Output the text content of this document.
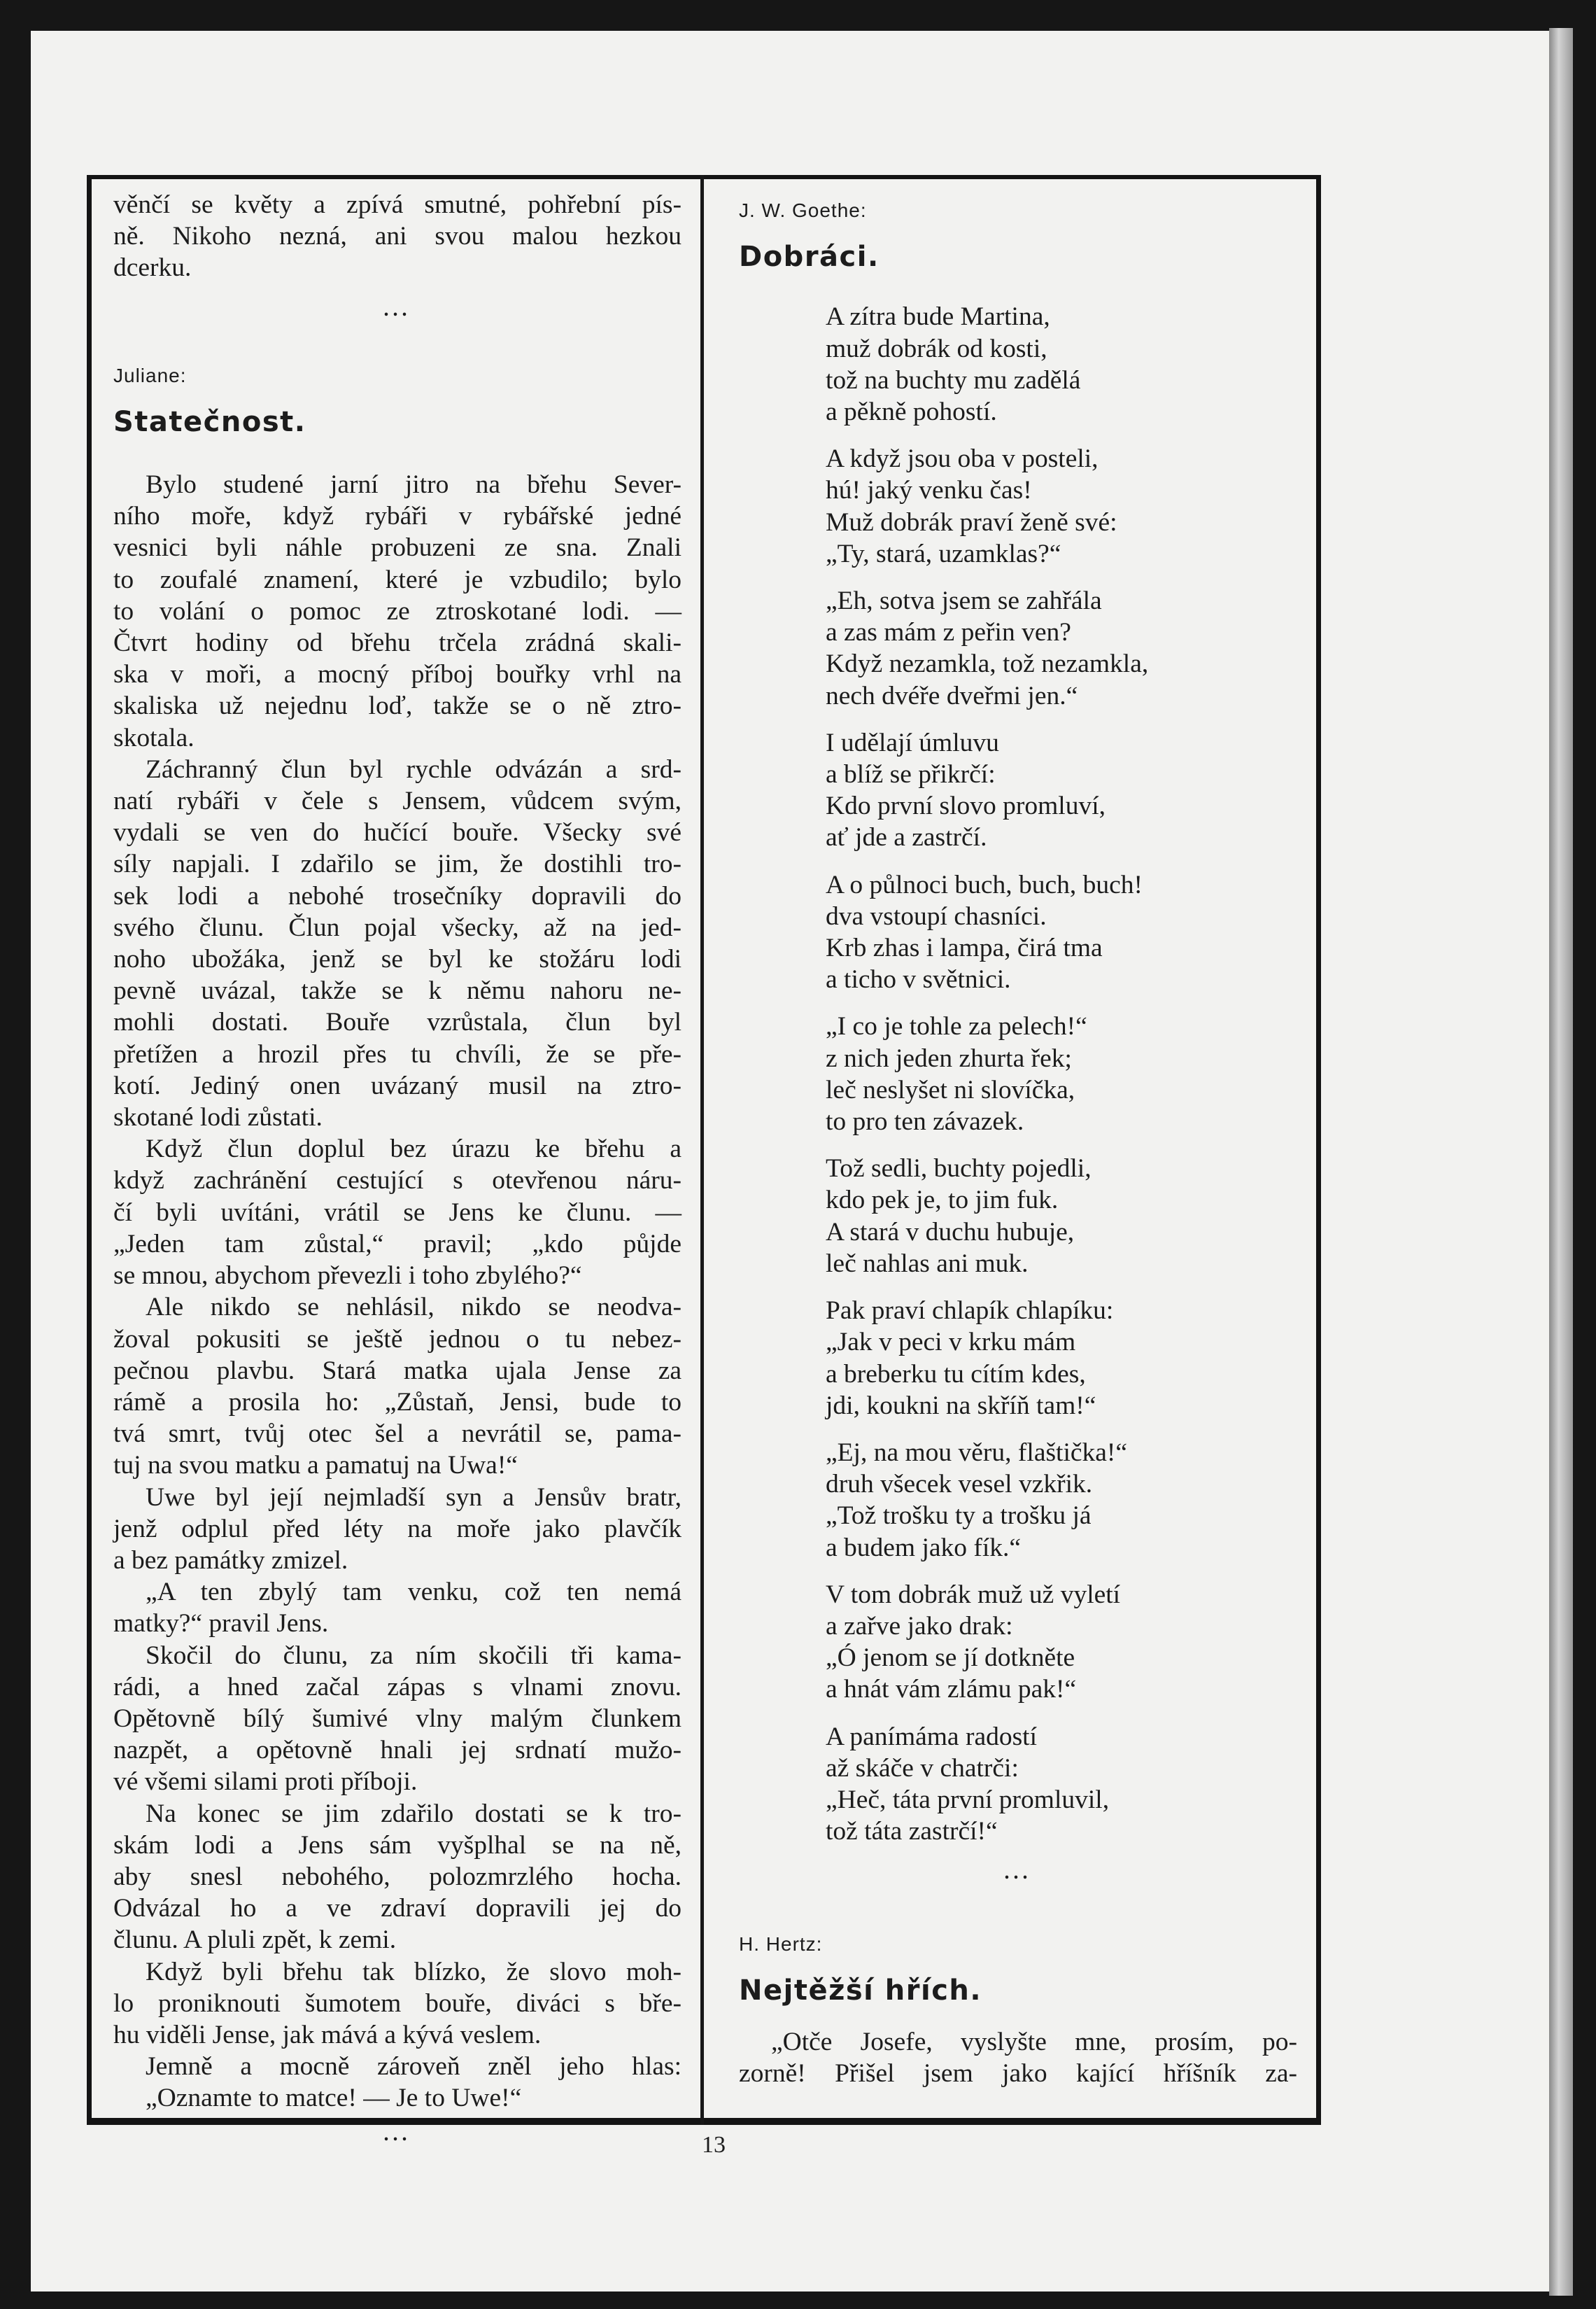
věnčí se květy a zpívá smutné, pohřební pís-
ně. Nikoho nezná, ani svou malou hezkou
dcerku.
...

Juliane:

Statečnost.
Bylo studené jarní jitro na břehu Sever-
ního moře, když rybáři v rybářské jedné
vesnici byli náhle probuzeni ze sna. Znali
to zoufalé znamení, které je vzbudilo; bylo
to volání o pomoc ze ztroskotané lodi. —
Čtvrt hodiny od břehu trčela zrádná skali-
ska v moři, a mocný příboj bouřky vrhl na
skaliska už nejednu loď, takže se o ně ztro-
skotala.
Záchranný člun byl rychle odvázán a srd-
natí rybáři v čele s Jensem, vůdcem svým,
vydali se ven do hučící bouře. Všecky své
síly napjali. I zdařilo se jim, že dostihli tro-
sek lodi a nebohé trosečníky dopravili do
svého člunu. Člun pojal všecky, až na jed-
noho ubožáka, jenž se byl ke stožáru lodi
pevně uvázal, takže se k němu nahoru ne-
mohli dostati. Bouře vzrůstala, člun byl
přetížen a hrozil přes tu chvíli, že se pře-
kotí. Jediný onen uvázaný musil na ztro-
skotané lodi zůstati.
Když člun doplul bez úrazu ke břehu a
když zachránění cestující s otevřenou náru-
čí byli uvítáni, vrátil se Jens ke člunu. —
„Jeden tam zůstal,“ pravil; „kdo půjde
se mnou, abychom převezli i toho zbylého?“
Ale nikdo se nehlásil, nikdo se neodva-
žoval pokusiti se ještě jednou o tu nebez-
pečnou plavbu. Stará matka ujala Jense za
rámě a prosila ho: „Zůstaň, Jensi, bude to
tvá smrt, tvůj otec šel a nevrátil se, pama-
tuj na svou matku a pamatuj na Uwa!“
Uwe byl její nejmladší syn a Jensův bratr,
jenž odplul před léty na moře jako plavčík
a bez památky zmizel.
„A ten zbylý tam venku, což ten nemá
matky?“ pravil Jens.
Skočil do člunu, za ním skočili tři kama-
rádi, a hned začal zápas s vlnami znovu.
Opětovně bílý šumivé vlny malým člunkem
nazpět, a opětovně hnali jej srdnatí mužo-
vé všemi silami proti příboji.
Na konec se jim zdařilo dostati se k tro-
skám lodi a Jens sám vyšplhal se na ně,
aby snesl nebohého, polozmrzlého hocha.
Odvázal ho a ve zdraví dopravili jej do
člunu. A pluli zpět, k zemi.
Když byli břehu tak blízko, že slovo moh-
lo proniknouti šumotem bouře, diváci s bře-
hu viděli Jense, jak mává a kývá veslem.
Jemně a mocně zároveň zněl jeho hlas:
„Oznamte to matce! — Je to Uwe!“
...

J. W. Goethe:

Dobráci.
A zítra bude Martina,
muž dobrák od kosti,
tož na buchty mu zadělá
a pěkně pohostí.
A když jsou oba v posteli,
hú! jaký venku čas!
Muž dobrák praví ženě své:
„Ty, stará, uzamklas?“
„Eh, sotva jsem se zahřála
a zas mám z peřin ven?
Když nezamkla, tož nezamkla,
nech dvéře dveřmi jen.“
I udělají úmluvu
a blíž se přikrčí:
Kdo první slovo promluví,
ať jde a zastrčí.
A o půlnoci buch, buch, buch!
dva vstoupí chasníci.
Krb zhas i lampa, čirá tma
a ticho v světnici.
„I co je tohle za pelech!“
z nich jeden zhurta řek;
leč neslyšet ni slovíčka,
to pro ten závazek.
Tož sedli, buchty pojedli,
kdo pek je, to jim fuk.
A stará v duchu hubuje,
leč nahlas ani muk.
Pak praví chlapík chlapíku:
„Jak v peci v krku mám
a breberku tu cítím kdes,
jdi, koukni na skříň tam!“
„Ej, na mou věru, flaštička!“
druh všecek vesel vzkřik.
„Tož trošku ty a trošku já
a budem jako fík.“
V tom dobrák muž už vyletí
a zařve jako drak:
„Ó jenom se jí dotkněte
a hnát vám zlámu pak!“
A panímáma radostí
až skáče v chatrči:
„Heč, táta první promluvil,
tož táta zastrčí!“
...

H. Hertz:

Nejtěžší hřích.
„Otče Josefe, vyslyšte mne, prosím, po-
zorně! Přišel jsem jako kající hříšník za-
13
